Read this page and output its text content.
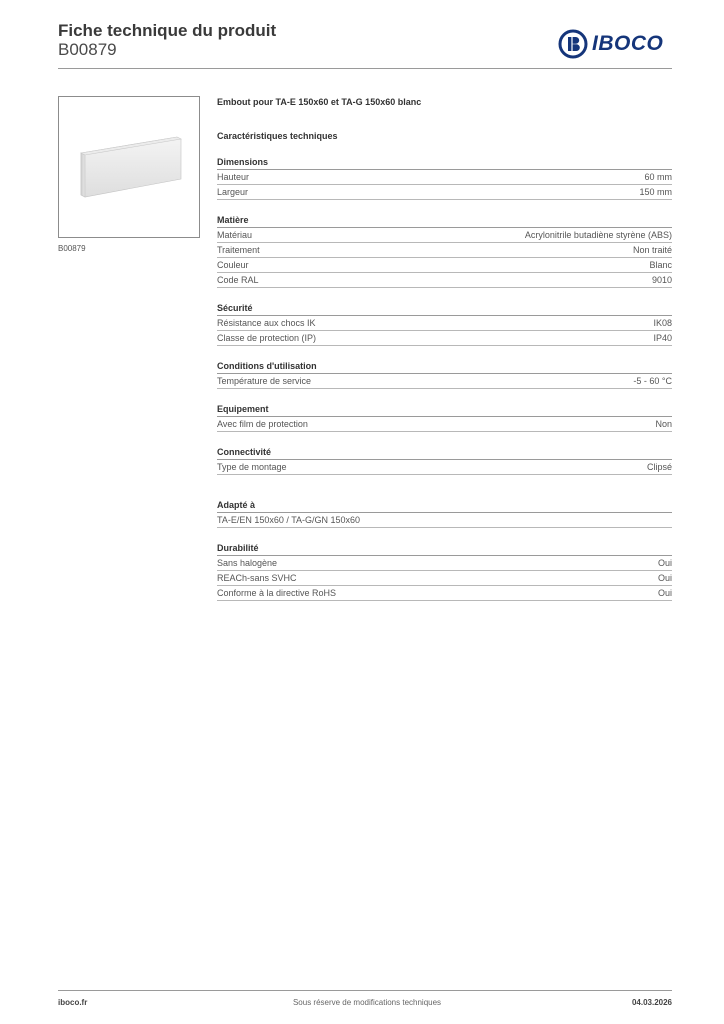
Fiche technique du produit
B00879	IBOCO
B00879
Embout pour TA-E 150x60 et TA-G 150x60 blanc
Caractéristiques techniques
Dimensions
Hauteur	60 mm
Largeur	150 mm
Matière
Matériau	Acrylonitrile butadiène styrène (ABS)
Traitement	Non traité
Couleur	Blanc
Code RAL	9010
Sécurité
Résistance aux chocs IK	IK08
Classe de protection (IP)	IP40
Conditions d'utilisation
Température de service	-5 - 60 °C
Equipement
Avec film de protection	Non
Connectivité
Type de montage	Clipsé
Adapté à
TA-E/EN 150x60 / TA-G/GN 150x60
Durabilité
Sans halogène	Oui
REACh-sans SVHC	Oui
Conforme à la directive RoHS	Oui
iboco.fr	Sous réserve de modifications techniques	04.03.2026
